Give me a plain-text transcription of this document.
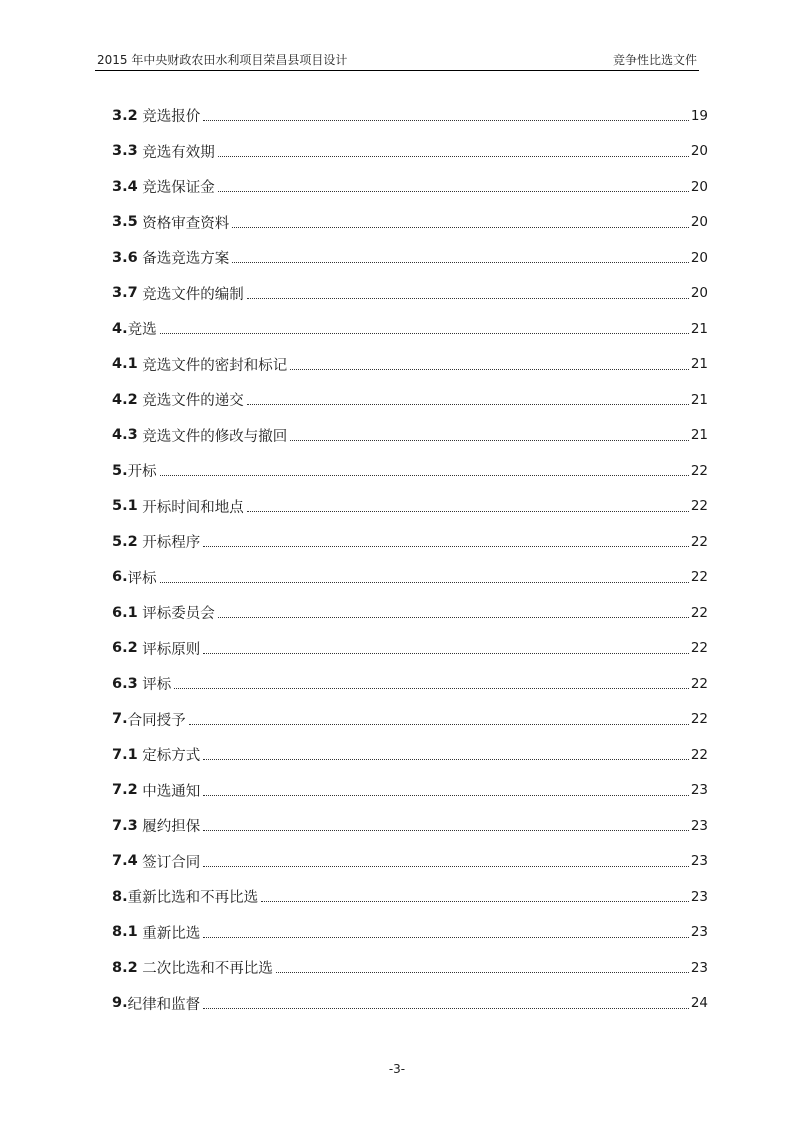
2015 年中央财政农田水利项目荣昌县项目设计	竞争性比选文件
3.2 竞选报价	19
3.3 竞选有效期	20
3.4 竞选保证金	20
3.5 资格审查资料	20
3.6 备选竞选方案	20
3.7 竞选文件的编制	20
4. 竞选	21
4.1 竞选文件的密封和标记	21
4.2 竞选文件的递交	21
4.3 竞选文件的修改与撤回	21
5. 开标	22
5.1 开标时间和地点	22
5.2 开标程序	22
6. 评标	22
6.1 评标委员会	22
6.2 评标原则	22
6.3 评标	22
7. 合同授予	22
7.1 定标方式	22
7.2 中选通知	23
7.3 履约担保	23
7.4 签订合同	23
8. 重新比选和不再比选	23
8.1 重新比选	23
8.2 二次比选和不再比选	23
9. 纪律和监督	24
-3-
